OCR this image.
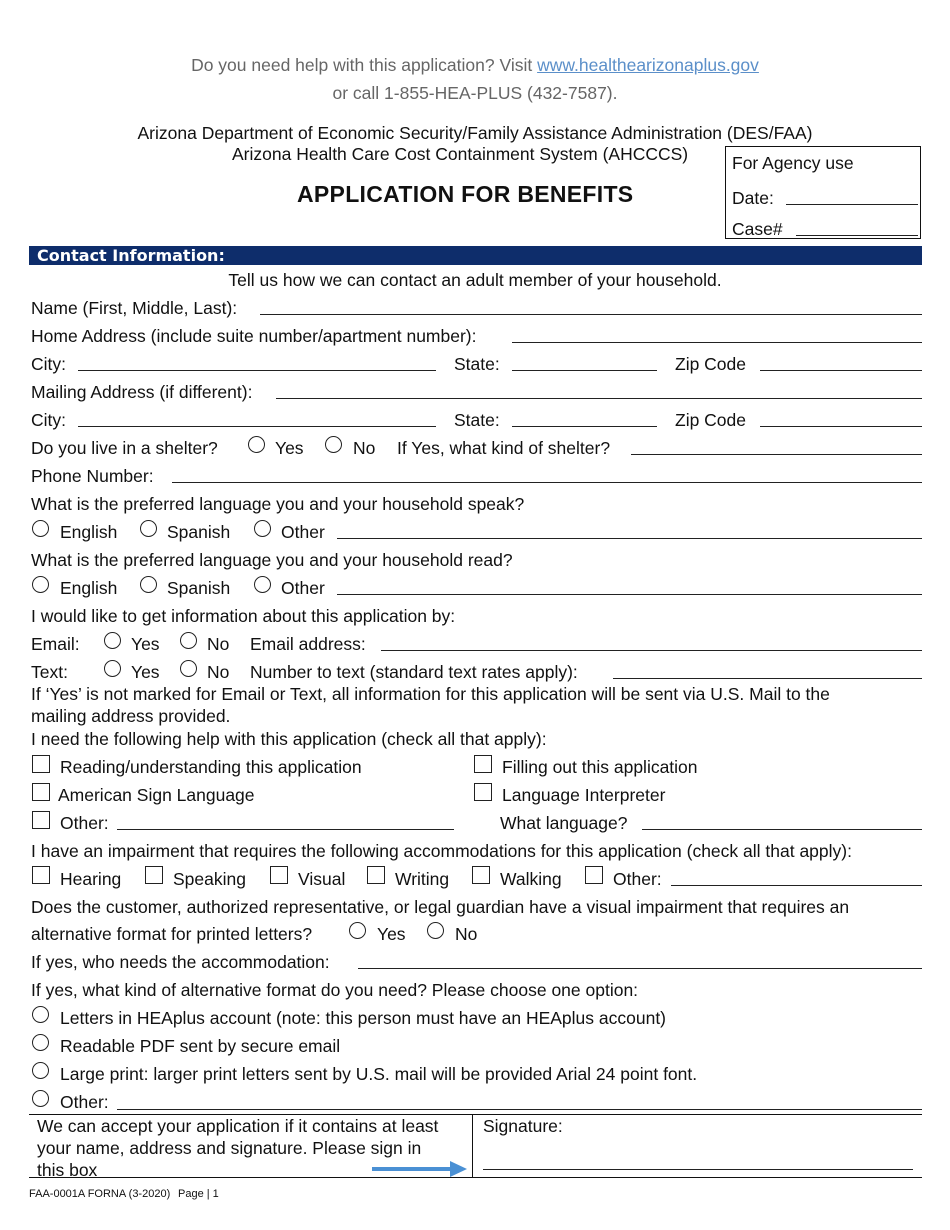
Do you need help with this application? Visit www.healthearizonaplus.gov
or call 1-855-HEA-PLUS (432-7587).
Arizona Department of Economic Security/Family Assistance Administration (DES/FAA)
Arizona Health Care Cost Containment System (AHCCCS)
APPLICATION FOR BENEFITS
For Agency use
Date:
Case#
Contact Information:
Tell us how we can contact an adult member of your household.
Name (First, Middle, Last):
Home Address (include suite number/apartment number):
City:	State:	Zip Code
Mailing Address (if different):
City:	State:	Zip Code
Do you live in a shelter?	Yes	No If Yes, what kind of shelter?
Phone Number:
What is the preferred language you and your household speak?
English	Spanish	Other
What is the preferred language you and your household read?
English	Spanish	Other
I would like to get information about this application by:
Email:	Yes	No Email address:
Text:	Yes	No Number to text (standard text rates apply):
If ‘Yes’ is not marked for Email or Text, all information for this application will be sent via U.S. Mail to the
mailing address provided.
I need the following help with this application (check all that apply):
Reading/understanding this application	Filling out this application
American Sign Language	Language Interpreter
Other:	What language?
I have an impairment that requires the following accommodations for this application (check all that apply):
Hearing	Speaking	Visual	Writing	Walking	Other:
Does the customer, authorized representative, or legal guardian have a visual impairment that requires an
alternative format for printed letters?	Yes	No
If yes, who needs the accommodation:
If yes, what kind of alternative format do you need? Please choose one option:
Letters in HEAplus account (note: this person must have an HEAplus account)
Readable PDF sent by secure email
Large print: larger print letters sent by U.S. mail will be provided Arial 24 point font.
Other:
We can accept your application if it contains at least
your name, address and signature. Please sign in
this box
Signature:
FAA-0001A FORNA (3-2020) Page | 1
